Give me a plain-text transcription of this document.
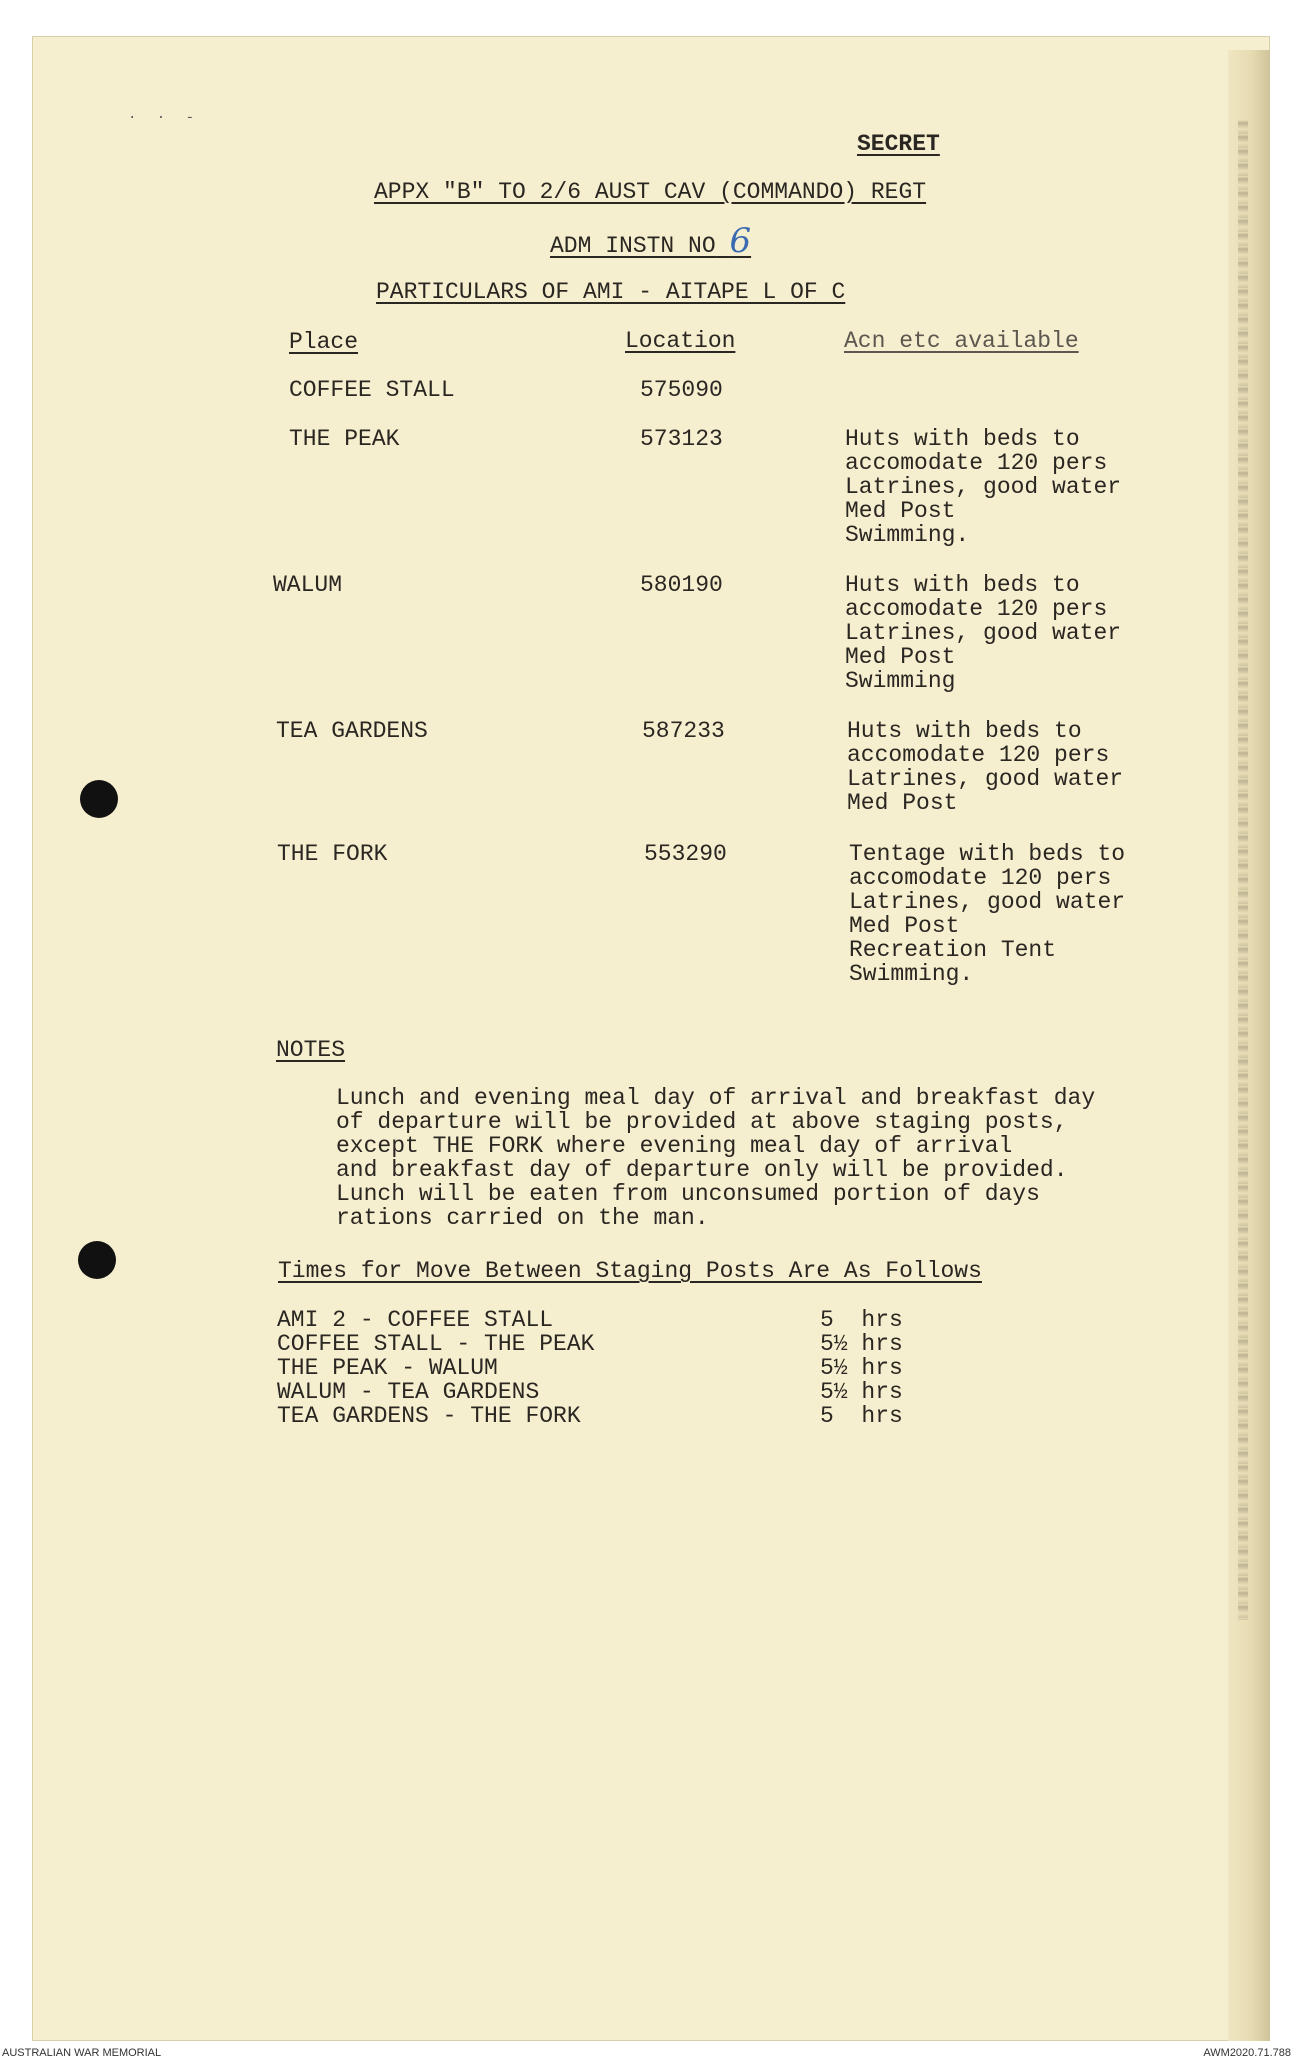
· · ‐
SECRET
APPX "B" TO 2/6 AUST CAV (COMMANDO) REGT
ADM INSTN NO 6
PARTICULARS OF AMI - AITAPE L OF C
Place	Location	Acn etc available
COFFEE STALL	575090
THE PEAK	573123	Huts with beds to
accomodate 120 pers
Latrines, good water
Med Post
Swimming.
WALUM	580190	Huts with beds to
accomodate 120 pers
Latrines, good water
Med Post
Swimming
TEA GARDENS	587233	Huts with beds to
accomodate 120 pers
Latrines, good water
Med Post
THE FORK	553290	Tentage with beds to
accomodate 120 pers
Latrines, good water
Med Post
Recreation Tent
Swimming.
NOTES
Lunch and evening meal day of arrival and breakfast day
of departure will be provided at above staging posts,
except THE FORK where evening meal day of arrival
and breakfast day of departure only will be provided.
Lunch will be eaten from unconsumed portion of days
rations carried on the man.
Times for Move Between Staging Posts Are As Follows
AMI 2 - COFFEE STALL	5  hrs
COFFEE STALL - THE PEAK	5½ hrs
THE PEAK - WALUM	5½ hrs
WALUM - TEA GARDENS	5½ hrs
TEA GARDENS - THE FORK	5  hrs
AUSTRALIAN WAR MEMORIAL	AWM2020.71.788
